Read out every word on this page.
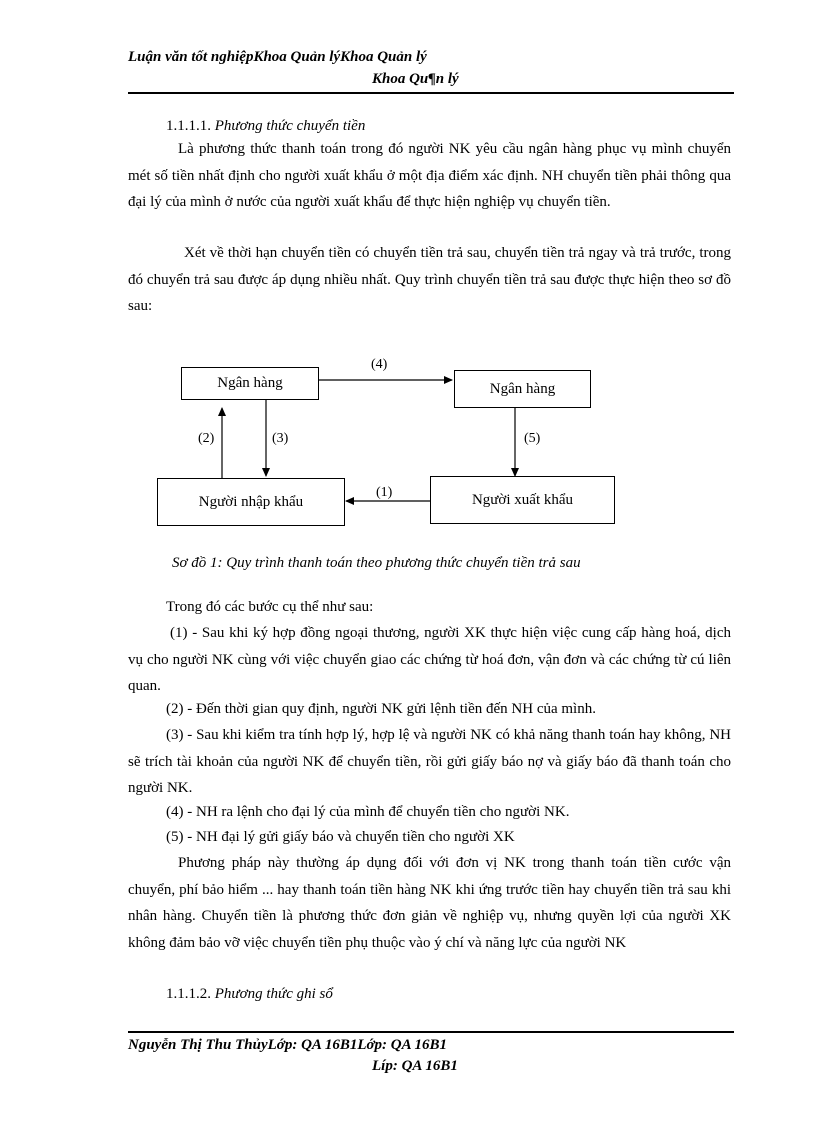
Luận văn tốt nghiệpKhoa Quản lýKhoa Quản lý
Khoa Qu¶n lý
1.1.1.1. Phương thức chuyển tiền
Là phương thức thanh toán trong đó người NK yêu cầu ngân hàng phục vụ mình chuyển mét số tiền nhất định cho người xuất khẩu ở một địa điểm xác định. NH chuyển tiền phải thông qua đại lý của mình ở nước của người xuất khẩu để thực hiện nghiệp vụ chuyển tiền.
Xét về thời hạn chuyển tiền có chuyển tiền trả sau, chuyển tiền trả ngay và trả trước, trong đó chuyển trả sau được áp dụng nhiều nhất. Quy trình chuyển tiền trả sau được thực hiện theo sơ đồ sau:
Ngân hàng	Ngân hàng
Người nhập khẩu	Người xuất khẩu
(4)
(2)	(3)	(5)
(1)
Sơ đồ 1: Quy trình thanh toán theo phương thức chuyển tiền trả sau
Trong đó các bước cụ thể như sau:
(1) - Sau khi ký hợp đồng ngoại thương, người XK thực hiện việc cung cấp hàng hoá, dịch vụ cho người NK cùng với việc chuyển giao các chứng từ hoá đơn, vận đơn và các chứng từ cú liên quan.
(2) - Đến thời gian quy định, người NK gửi lệnh tiền đến NH của mình.
(3) - Sau khi kiểm tra tính hợp lý, hợp lệ và người NK có khả năng thanh toán hay không, NH sẽ trích tài khoản của người NK để chuyển tiền, rồi gửi giấy báo nợ và giấy báo đã thanh toán cho người NK.
(4) - NH ra lệnh cho đại lý của mình để chuyển tiền cho người NK.
(5) - NH đại lý gửi giấy báo và chuyển tiền cho người XK
Phương pháp này thường áp dụng đối với đơn vị NK trong thanh toán tiền cước vận chuyển, phí bảo hiểm ... hay thanh toán tiền hàng NK khi ứng trước tiền hay chuyển tiền trả sau khi nhân hàng. Chuyển tiền là phương thức đơn giản về nghiệp vụ, nhưng quyền lợi của người XK không đảm bảo vỡ việc chuyển tiền phụ thuộc vào ý chí và năng lực của người NK
1.1.1.2. Phương thức ghi sổ
Nguyễn Thị Thu ThủyLớp: QA 16B1Lớp: QA 16B1
Líp: QA 16B1
